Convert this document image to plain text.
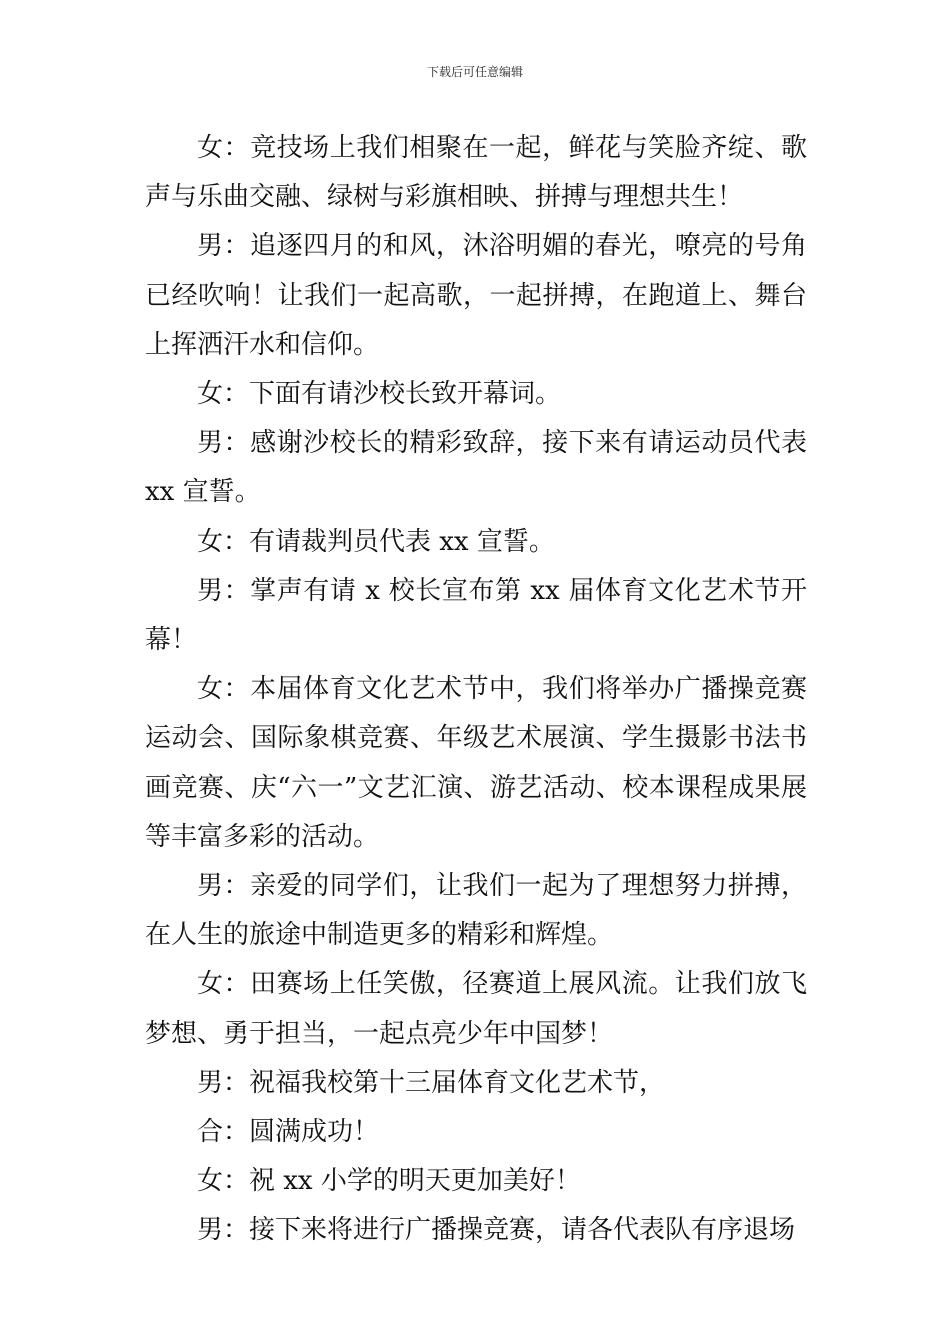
下载后可任意编辑

女：竞技场上我们相聚在一起，鲜花与笑脸齐绽、歌声与乐曲交融、绿树与彩旗相映、拼搏与理想共生！

男：追逐四月的和风，沐浴明媚的春光，嘹亮的号角已经吹响！让我们一起高歌，一起拼搏，在跑道上、舞台上挥洒汗水和信仰。

女：下面有请沙校长致开幕词。

男：感谢沙校长的精彩致辞，接下来有请运动员代表 xx 宣誓。

女：有请裁判员代表 xx 宣誓。

男：掌声有请 x 校长宣布第 xx 届体育文化艺术节开幕！

女：本届体育文化艺术节中，我们将举办广播操竞赛运动会、国际象棋竞赛、年级艺术展演、学生摄影书法书画竞赛、庆“六一”文艺汇演、游艺活动、校本课程成果展等丰富多彩的活动。

男：亲爱的同学们，让我们一起为了理想努力拼搏，在人生的旅途中制造更多的精彩和辉煌。

女：田赛场上任笑傲，径赛道上展风流。让我们放飞梦想、勇于担当，一起点亮少年中国梦！

男：祝福我校第十三届体育文化艺术节，

合：圆满成功！

女：祝 xx 小学的明天更加美好！

男：接下来将进行广播操竞赛，请各代表队有序退场
